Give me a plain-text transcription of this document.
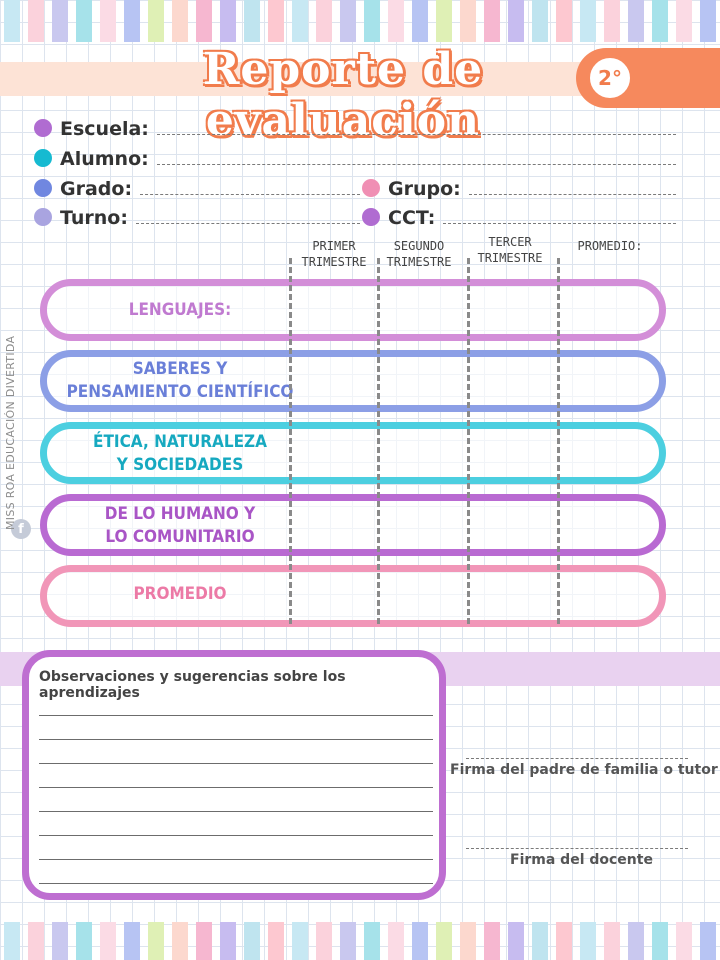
Reporte de evaluación
2°
Escuela:
Alumno:
Grado:	Grupo:
Turno:	CCT:
PRIMER
TRIMESTRE
SEGUNDO
TRIMESTRE
TERCER
TRIMESTRE
PROMEDIO:
LENGUAJES:
SABERES Y
PENSAMIENTO CIENTÍFICO
ÉTICA, NATURALEZA
Y SOCIEDADES
DE LO HUMANO Y
LO COMUNITARIO
PROMEDIO
f
MISS ROA EDUCACIÓN DIVERTIDA
Observaciones y sugerencias sobre los aprendizajes
Firma del padre de familia o tutor
Firma del docente
